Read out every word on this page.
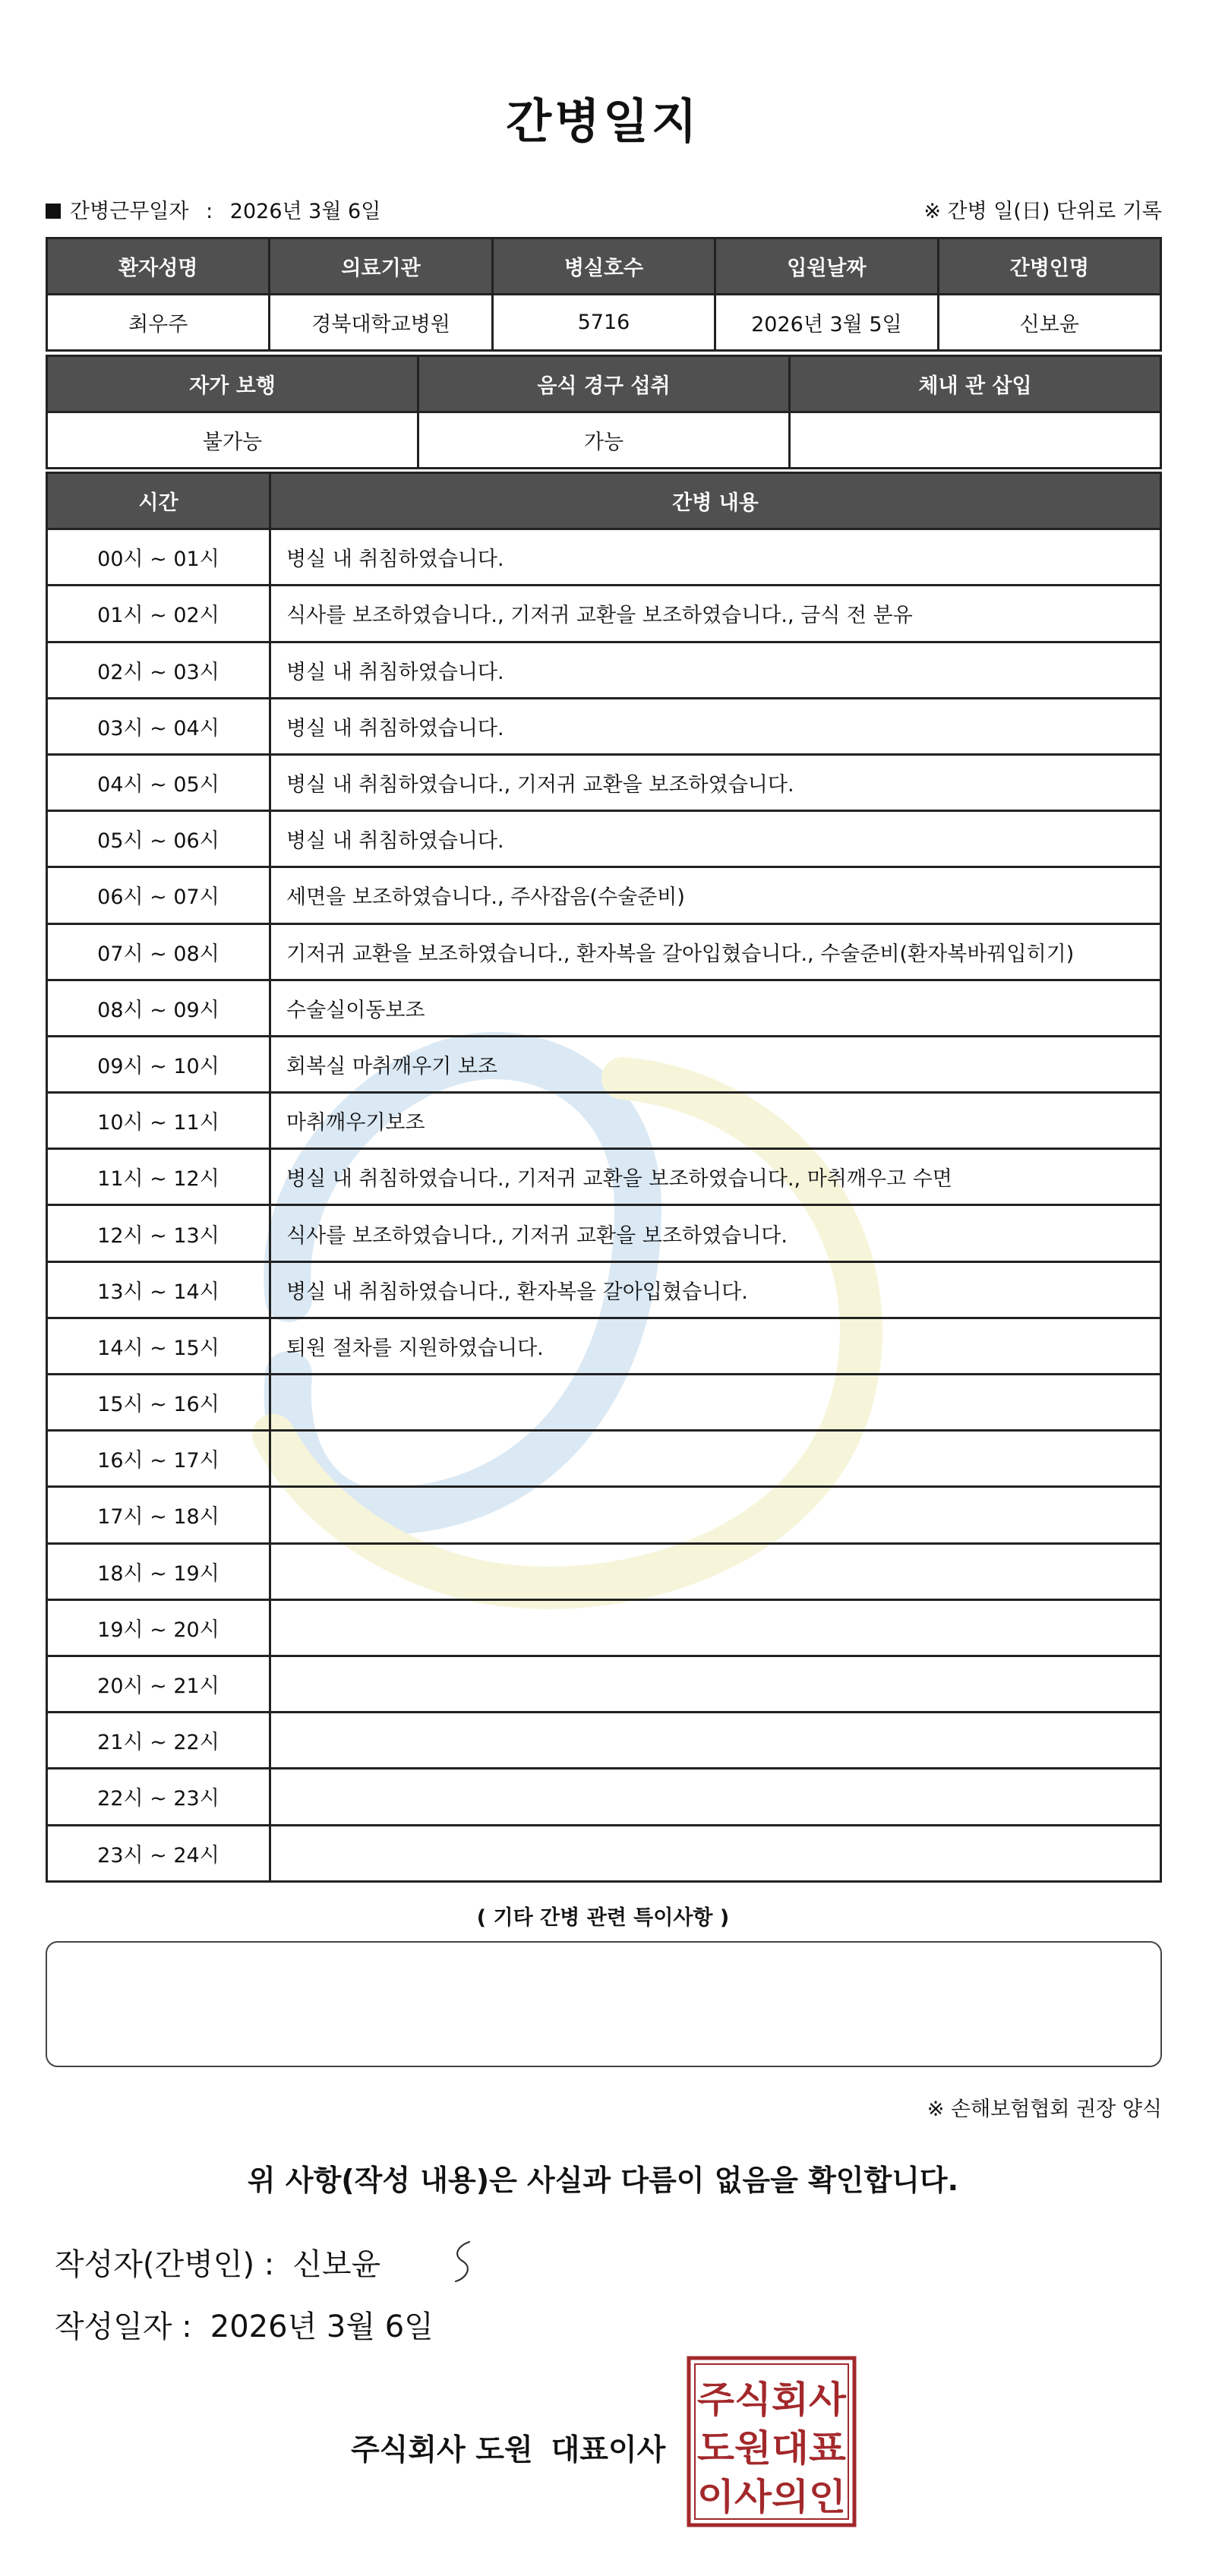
간병일지
간병근무일자 : 2026년 3월 6일	※ 간병 일(日) 단위로 기록
환자성명	의료기관	병실호수	입원날짜	간병인명
최우주	경북대학교병원	5716	2026년 3월 5일	신보윤
자가 보행	음식 경구 섭취	체내 관 삽입
불가능	가능	
시간	간병 내용
00시 ~ 01시	병실 내 취침하였습니다.
01시 ~ 02시	식사를 보조하였습니다., 기저귀 교환을 보조하였습니다., 금식 전 분유
02시 ~ 03시	병실 내 취침하였습니다.
03시 ~ 04시	병실 내 취침하였습니다.
04시 ~ 05시	병실 내 취침하였습니다., 기저귀 교환을 보조하였습니다.
05시 ~ 06시	병실 내 취침하였습니다.
06시 ~ 07시	세면을 보조하였습니다., 주사잡음(수술준비)
07시 ~ 08시	기저귀 교환을 보조하였습니다., 환자복을 갈아입혔습니다., 수술준비(환자복바꿔입히기)
08시 ~ 09시	수술실이동보조
09시 ~ 10시	회복실 마취깨우기 보조
10시 ~ 11시	마취깨우기보조
11시 ~ 12시	병실 내 취침하였습니다., 기저귀 교환을 보조하였습니다., 마취깨우고 수면
12시 ~ 13시	식사를 보조하였습니다., 기저귀 교환을 보조하였습니다.
13시 ~ 14시	병실 내 취침하였습니다., 환자복을 갈아입혔습니다.
14시 ~ 15시	퇴원 절차를 지원하였습니다.
15시 ~ 16시	
16시 ~ 17시	
17시 ~ 18시	
18시 ~ 19시	
19시 ~ 20시	
20시 ~ 21시	
21시 ~ 22시	
22시 ~ 23시	
23시 ~ 24시	
( 기타 간병 관련 특이사항 )
※ 손해보험협회 권장 양식
위 사항(작성 내용)은 사실과 다름이 없음을 확인합니다.
작성자(간병인) : 신보윤
작성일자 : 2026년 3월 6일
주식회사 도원 대표이사
주식회사
도원대표
이사의인
